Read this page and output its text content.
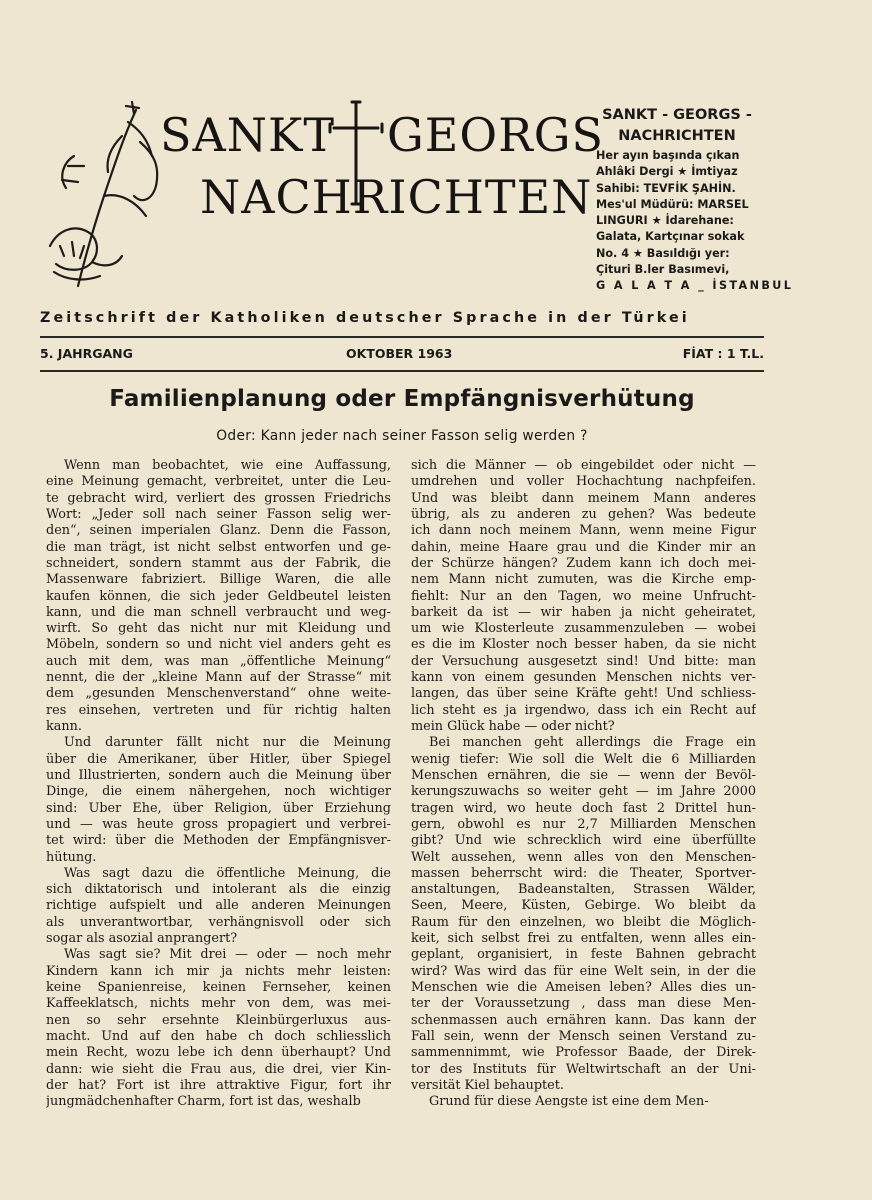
SANKT GEORGS
NACHRICHTEN
SANKT - GEORGS -
NACHRICHTEN
Her ayın başında çıkan
Ahlâki Dergi ★ İmtiyaz
Sahibi: TEVFİK ŞAHİN.
Mes'ul Müdürü: MARSEL
LINGURI ★ İdarehane:
Galata, Kartçınar sokak
No. 4 ★ Basıldığı yer:
Çituri B.ler Basımevi,
G A L A T A _ İSTANBUL
Zeitschrift der Katholiken deutscher Sprache in der Türkei
5. JAHRGANG	OKTOBER 1963	FİAT : 1 T.L.
Familienplanung oder Empfängnisverhütung
Oder: Kann jeder nach seiner Fasson selig werden ?
Wenn man beobachtet, wie eine Auffassung,
eine Meinung gemacht, verbreitet, unter die Leu-
te gebracht wird, verliert des grossen Friedrichs
Wort: „Jeder soll nach seiner Fasson selig wer-
den“, seinen imperialen Glanz. Denn die Fasson,
die man trägt, ist nicht selbst entworfen und ge-
schneidert, sondern stammt aus der Fabrik, die
Massenware fabriziert. Billige Waren, die alle
kaufen können, die sich jeder Geldbeutel leisten
kann, und die man schnell verbraucht und weg-
wirft. So geht das nicht nur mit Kleidung und
Möbeln, sondern so und nicht viel anders geht es
auch mit dem, was man „öffentliche Meinung“
nennt, die der „kleine Mann auf der Strasse“ mit
dem „gesunden Menschenverstand“ ohne weite-
res einsehen, vertreten und für richtig halten
kann.
Und darunter fällt nicht nur die Meinung
über die Amerikaner, über Hitler, über Spiegel
und Illustrierten, sondern auch die Meinung über
Dinge, die einem nähergehen, noch wichtiger
sind: Über Ehe, über Religion, über Erziehung
und — was heute gross propagiert und verbrei-
tet wird: über die Methoden der Empfängnisver-
hütung.
Was sagt dazu die öffentliche Meinung, die
sich diktatorisch und intolerant als die einzig
richtige aufspielt und alle anderen Meinungen
als unverantwortbar, verhängnisvoll oder sich
sogar als asozial anprangert?
Was sagt sie? Mit drei — oder — noch mehr
Kindern kann ich mir ja nichts mehr leisten:
keine Spanienreise, keinen Fernseher, keinen
Kaffeeklatsch, nichts mehr von dem, was mei-
nen so sehr ersehnte Kleinbürgerluxus aus-
macht. Und auf den habe ch doch schliesslich
mein Recht, wozu lebe ich denn überhaupt? Und
dann: wie sieht die Frau aus, die drei, vier Kin-
der hat? Fort ist ihre attraktive Figur, fort ihr
jungmädchenhafter Charm, fort ist das, weshalb
sich die Männer — ob eingebildet oder nicht —
umdrehen und voller Hochachtung nachpfeifen.
Und was bleibt dann meinem Mann anderes
übrig, als zu anderen zu gehen? Was bedeute
ich dann noch meinem Mann, wenn meine Figur
dahin, meine Haare grau und die Kinder mir an
der Schürze hängen? Zudem kann ich doch mei-
nem Mann nicht zumuten, was die Kirche emp-
fiehlt: Nur an den Tagen, wo meine Unfrucht-
barkeit da ist — wir haben ja nicht geheiratet,
um wie Klosterleute zusammenzuleben — wobei
es die im Kloster noch besser haben, da sie nicht
der Versuchung ausgesetzt sind! Und bitte: man
kann von einem gesunden Menschen nichts ver-
langen, das über seine Kräfte geht! Und schliess-
lich steht es ja irgendwo, dass ich ein Recht auf
mein Glück habe — oder nicht?
Bei manchen geht allerdings die Frage ein
wenig tiefer: Wie soll die Welt die 6 Milliarden
Menschen ernähren, die sie — wenn der Bevöl-
kerungszuwachs so weiter geht — im Jahre 2000
tragen wird, wo heute doch fast 2 Drittel hun-
gern, obwohl es nur 2,7 Milliarden Menschen
gibt? Und wie schrecklich wird eine überfüllte
Welt aussehen, wenn alles von den Menschen-
massen beherrscht wird: die Theater, Sportver-
anstaltungen, Badeanstalten, Strassen Wälder,
Seen, Meere, Küsten, Gebirge. Wo bleibt da
Raum für den einzelnen, wo bleibt die Möglich-
keit, sich selbst frei zu entfalten, wenn alles ein-
geplant, organisiert, in feste Bahnen gebracht
wird? Was wird das für eine Welt sein, in der die
Menschen wie die Ameisen leben? Alles dies un-
ter der Voraussetzung , dass man diese Men-
schenmassen auch ernähren kann. Das kann der
Fall sein, wenn der Mensch seinen Verstand zu-
sammennimmt, wie Professor Baade, der Direk-
tor des Instituts für Weltwirtschaft an der Uni-
versität Kiel behauptet.
Grund für diese Aengste ist eine dem Men-
